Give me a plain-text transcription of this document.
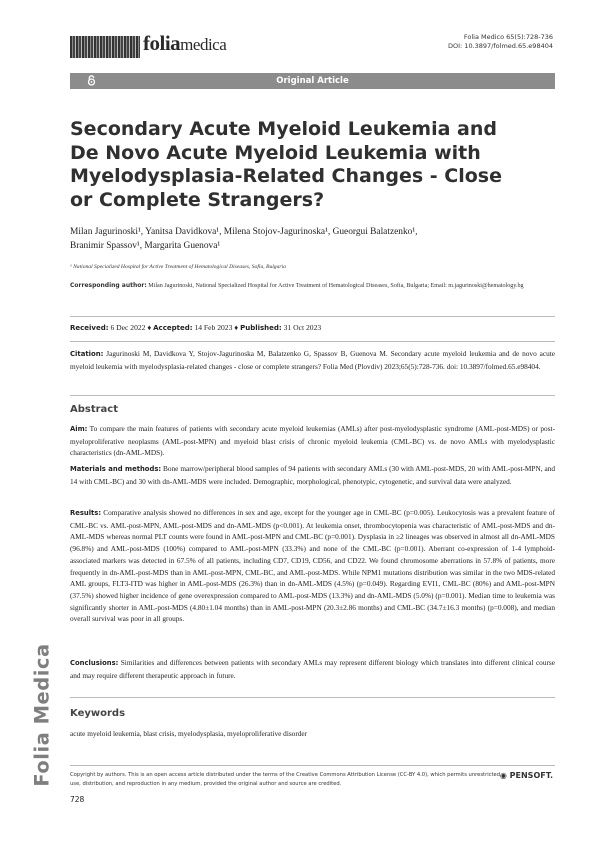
foliamedica	Folia Medico 65(5):728-736
DOI: 10.3897/folmed.65.e98404
Original Article
Secondary Acute Myeloid Leukemia and De Novo Acute Myeloid Leukemia with Myelodysplasia-Related Changes - Close or Complete Strangers?
Milan Jagurinoski¹, Yanitsa Davidkova¹, Milena Stojov-Jagurinoska¹, Gueorgui Balatzenko¹,
Branimir Spassov¹, Margarita Guenova¹
¹ National Specialized Hospital for Active Treatment of Hematological Diseases, Sofia, Bulgaria
Corresponding author: Milan Jagurinoski, National Specialized Hospital for Active Treatment of Hematological Diseases, Sofia, Bulgaria; Email: m.jagurinoski@hematology.bg
Received: 6 Dec 2022 ♦ Accepted: 14 Feb 2023 ♦ Published: 31 Oct 2023
Citation: Jagurinoski M, Davidkova Y, Stojov-Jagurinoska M, Balatzenko G, Spassov B, Guenova M. Secondary acute myeloid leukemia and de novo acute myeloid leukemia with myelodysplasia-related changes - close or complete strangers? Folia Med (Plovdiv) 2023;65(5):728-736. doi: 10.3897/folmed.65.e98404.
Abstract
Aim: To compare the main features of patients with secondary acute myeloid leukemias (AMLs) after post-myelodysplastic syndrome (AML-post-MDS) or post-myeloproliferative neoplasms (AML-post-MPN) and myeloid blast crisis of chronic myeloid leukemia (CML-BC) vs. de novo AMLs with myelodysplastic characteristics (dn-AML-MDS).
Materials and methods: Bone marrow/peripheral blood samples of 94 patients with secondary AMLs (30 with AML-post-MDS, 20 with AML-post-MPN, and 14 with CML-BC) and 30 with dn-AML-MDS were included. Demographic, morphological, phenotypic, cytogenetic, and survival data were analyzed.
Results: Comparative analysis showed no differences in sex and age, except for the younger age in CML-BC (p=0.005). Leukocytosis was a prevalent feature of CML-BC vs. AML-post-MPN, AML-post-MDS and dn-AML-MDS (p<0.001). At leukemia onset, thrombocytopenia was characteristic of AML-post-MDS and dn-AML-MDS whereas normal PLT counts were found in AML-post-MPN and CML-BC (p=0.001). Dysplasia in ≥2 lineages was observed in almost all dn-AML-MDS (96.8%) and AML-post-MDS (100%) compared to AML-post-MPN (33.3%) and none of the CML-BC (p=0.001). Aberrant co-expression of 1-4 lymphoid-associated markers was detected in 67.5% of all patients, including CD7, CD19, CD56, and CD22. We found chromosome aberrations in 57.8% of patients, more frequently in dn-AML-post-MDS than in AML-post-MPN, CML-BC, and AML-post-MDS. While NPM1 mutations distribution was similar in the two MDS-related AML groups, FLT3-ITD was higher in AML-post-MDS (26.3%) than in dn-AML-MDS (4.5%) (p=0.049). Regarding EVI1, CML-BC (80%) and AML-post-MPN (37.5%) showed higher incidence of gene overexpression compared to AML-post-MDS (13.3%) and dn-AML-MDS (5.0%) (p=0.001). Median time to leukemia was significantly shorter in AML-post-MDS (4.80±1.04 months) than in AML-post-MPN (20.3±2.86 months) and CML-BC (34.7±16.3 months) (p=0.008), and median overall survival was poor in all groups.
Conclusions: Similarities and differences between patients with secondary AMLs may represent different biology which translates into different clinical course and may require different therapeutic approach in future.
Keywords
acute myeloid leukemia, blast crisis, myelodysplasia, myeloproliferative disorder
Folia Medica	Copyright by authors. This is an open access article distributed under the terms of the Creative Commons Attribution License (CC-BY 4.0), which permits unrestricted use, distribution, and reproduction in any medium, provided the original author and source are credited.
◉ PENSOFT.
728
